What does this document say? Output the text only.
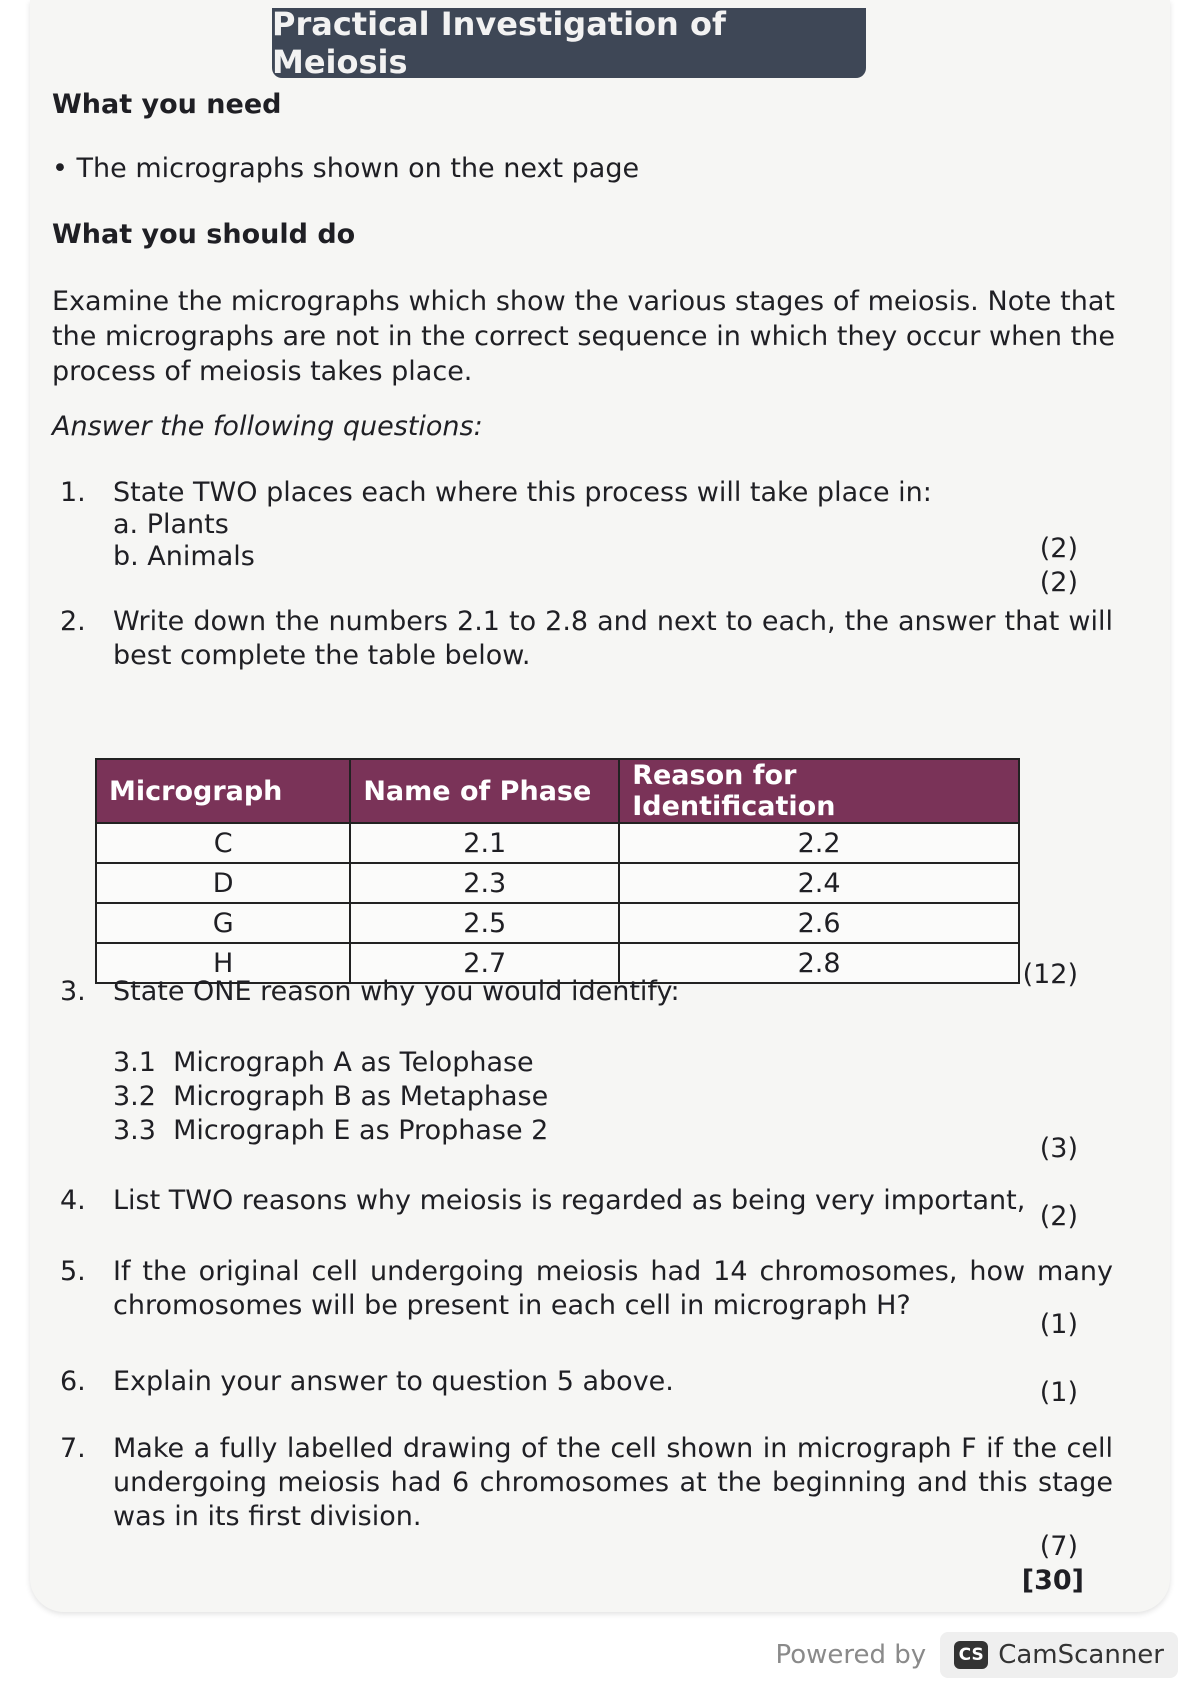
Practical Investigation of Meiosis
What you need
• The micrographs shown on the next page
What you should do
Examine the micrographs which show the various stages of meiosis. Note that the micrographs are not in the correct sequence in which they occur when the process of meiosis takes place.
Answer the following questions:
1. State TWO places each where this process will take place in:
a. Plants
b. Animals	(2)
(2)
2. Write down the numbers 2.1 to 2.8 and next to each, the answer that will best complete the table below.
Micrograph	Name of Phase	Reason for Identification
C	2.1	2.2
D	2.3	2.4
G	2.5	2.6
H	2.7	2.8	(12)
3. State ONE reason why you would identify:
3.1 Micrograph A as Telophase
3.2 Micrograph B as Metaphase
3.3 Micrograph E as Prophase 2
(3)
4. List TWO reasons why meiosis is regarded as being very important,
(2)
5. If the original cell undergoing meiosis had 14 chromosomes, how many chromosomes will be present in each cell in micrograph H?
(1)
6. Explain your answer to question 5 above.	(1)
7. Make a fully labelled drawing of the cell shown in micrograph F if the cell undergoing meiosis had 6 chromosomes at the beginning and this stage was in its first division.
(7)
[30]
Powered by CS CamScanner
